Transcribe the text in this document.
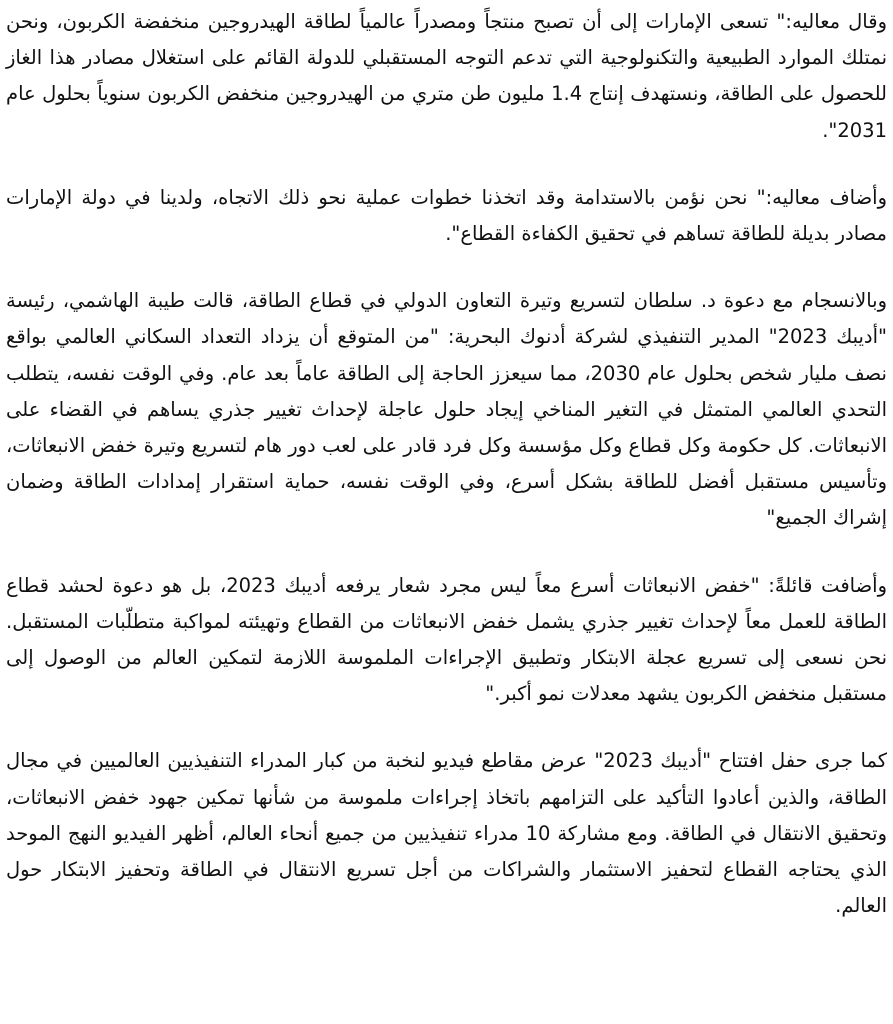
وقال معاليه:" تسعى الإمارات إلى أن تصبح منتجاً ومصدراً عالمياً لطاقة الهيدروجين منخفضة الكربون، ونحن نمتلك الموارد الطبيعية والتكنولوجية التي تدعم التوجه المستقبلي للدولة القائم على استغلال مصادر هذا الغاز للحصول على الطاقة، ونستهدف إنتاج 1.4 مليون طن متري من الهيدروجين منخفض الكربون سنوياً بحلول عام 2031".

وأضاف معاليه:" نحن نؤمن بالاستدامة وقد اتخذنا خطوات عملية نحو ذلك الاتجاه، ولدينا في دولة الإمارات مصادر بديلة للطاقة تساهم في تحقيق الكفاءة القطاع".

وبالانسجام مع دعوة د. سلطان لتسريع وتيرة التعاون الدولي في قطاع الطاقة، قالت طيبة الهاشمي، رئيسة "أديبك 2023" المدير التنفيذي لشركة أدنوك البحرية: "من المتوقع أن يزداد التعداد السكاني العالمي بواقع نصف مليار شخص بحلول عام 2030، مما سيعزز الحاجة إلى الطاقة عاماً بعد عام. وفي الوقت نفسه، يتطلب التحدي العالمي المتمثل في التغير المناخي إيجاد حلول عاجلة لإحداث تغيير جذري يساهم في القضاء على الانبعاثات. كل حكومة وكل قطاع وكل مؤسسة وكل فرد قادر على لعب دور هام لتسريع وتيرة خفض الانبعاثات، وتأسيس مستقبل أفضل للطاقة بشكل أسرع، وفي الوقت نفسه، حماية استقرار إمدادات الطاقة وضمان إشراك الجميع"

وأضافت قائلةً: "خفض الانبعاثات أسرع معاً ليس مجرد شعار يرفعه أديبك 2023، بل هو دعوة لحشد قطاع الطاقة للعمل معاً لإحداث تغيير جذري يشمل خفض الانبعاثات من القطاع وتهيئته لمواكبة متطلّبات المستقبل. نحن نسعى إلى تسريع عجلة الابتكار وتطبيق الإجراءات الملموسة اللازمة لتمكين العالم من الوصول إلى مستقبل منخفض الكربون يشهد معدلات نمو أكبر."

كما جرى حفل افتتاح "أديبك 2023" عرض مقاطع فيديو لنخبة من كبار المدراء التنفيذيين العالميين في مجال الطاقة، والذين أعادوا التأكيد على التزامهم باتخاذ إجراءات ملموسة من شأنها تمكين جهود خفض الانبعاثات، وتحقيق الانتقال في الطاقة. ومع مشاركة 10 مدراء تنفيذيين من جميع أنحاء العالم، أظهر الفيديو النهج الموحد الذي يحتاجه القطاع لتحفيز الاستثمار والشراكات من أجل تسريع الانتقال في الطاقة وتحفيز الابتكار حول العالم.
